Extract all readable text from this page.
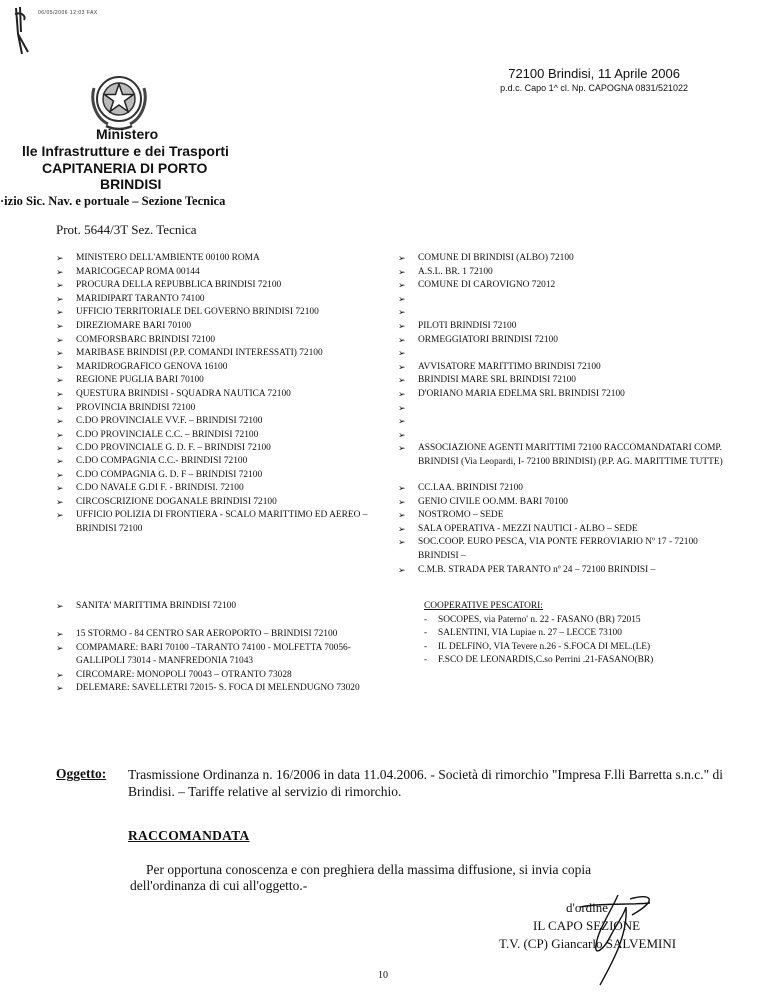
06/05/2006 12:03 FAX
72100 Brindisi, 11 Aprile 2006
p.d.c. Capo 1^ cl. Np. CAPOGNA 0831/521022
Ministero
lle Infrastrutture e dei Trasporti
CAPITANERIA DI PORTO
BRINDISI
·izio Sic. Nav. e portuale – Sezione Tecnica
Prot. 5644/3T Sez. Tecnica
➢ MINISTERO DELL'AMBIENTE 00100 ROMA
➢ MARICOGECAP ROMA 00144
➢ PROCURA DELLA REPUBBLICA BRINDISI 72100
➢ MARIDIPART TARANTO 74100
➢ UFFICIO TERRITORIALE DEL GOVERNO BRINDISI 72100
➢ DIREZIOMARE BARI 70100
➢ COMFORSBARC BRINDISI 72100
➢ MARIBASE BRINDISI (P.P. COMANDI INTERESSATI) 72100
➢ MARIDROGRAFICO GENOVA 16100
➢ REGIONE PUGLIA BARI 70100
➢ QUESTURA BRINDISI - SQUADRA NAUTICA 72100
➢ PROVINCIA BRINDISI 72100
➢ C.DO PROVINCIALE VV.F. – BRINDISI 72100
➢ C.DO PROVINCIALE C.C. – BRINDISI 72100
➢ C.DO PROVINCIALE G. D. F. – BRINDISI 72100
➢ C.DO COMPAGNIA C.C.- BRINDISI 72100
➢ C.DO COMPAGNIA G. D. F – BRINDISI 72100
➢ C.DO NAVALE G.DI F. - BRINDISI. 72100
➢ CIRCOSCRIZIONE DOGANALE BRINDISI 72100
➢ UFFICIO POLIZIA DI FRONTIERA - SCALO MARITTIMO ED AEREO – BRINDISI 72100
➢ SANITA' MARITTIMA BRINDISI 72100
➢ 15 STORMO - 84 CENTRO SAR AEROPORTO – BRINDISI 72100
➢ COMPAMARE: BARI 70100 –TARANTO 74100 - MOLFETTA 70056- GALLIPOLI 73014 - MANFREDONIA 71043
➢ CIRCOMARE: MONOPOLI 70043 – OTRANTO 73028
➢ DELEMARE: SAVELLETRI 72015- S. FOCA DI MELENDUGNO 73020
➢ COMUNE DI BRINDISI (ALBO) 72100
➢ A.S.L. BR. 1 72100
➢ COMUNE DI CAROVIGNO 72012
➢
➢
➢ PILOTI BRINDISI 72100
➢ ORMEGGIATORI BRINDISI 72100
➢
➢ AVVISATORE MARITTIMO BRINDISI 72100
➢ BRINDISI MARE SRL BRINDISI 72100
➢ D'ORIANO MARIA EDELMA SRL BRINDISI 72100
➢
➢
➢
➢ ASSOCIAZIONE AGENTI MARITTIMI 72100 RACCOMANDATARI COMP. BRINDISI (Via Leopardi, I- 72100 BRINDISI) (P.P. AG. MARITTIME TUTTE)
➢ CC.I.AA. BRINDISI 72100
➢ GENIO CIVILE OO.MM. BARI 70100
➢ NOSTROMO – SEDE
➢ SALA OPERATIVA - MEZZI NAUTICI - ALBO – SEDE
➢ SOC.COOP. EURO PESCA, VIA PONTE FERROVIARIO Nº 17 - 72100 BRINDISI –
➢ C.M.B. STRADA PER TARANTO nº 24 – 72100 BRINDISI –
COOPERATIVE PESCATORI:
- SOCOPES, via Paterno' n. 22 - FASANO (BR) 72015
- SALENTINI, VIA Lupiae n. 27 – LECCE 73100
- IL DELFINO, VIA Tevere n.26 - S.FOCA DI MEL.(LE)
- F.SCO DE LEONARDIS,C.so Perrini .21-FASANO(BR)
Oggetto: Trasmissione Ordinanza n. 16/2006 in data 11.04.2006. - Società di rimorchio "Impresa F.lli Barretta s.n.c." di Brindisi. – Tariffe relative al servizio di rimorchio.
RACCOMANDATA
Per opportuna conoscenza e con preghiera della massima diffusione, si invia copia
dell'ordinanza di cui all'oggetto.-
d'ordine
IL CAPO SEZIONE
T.V. (CP) Giancarlo SALVEMINI
10
